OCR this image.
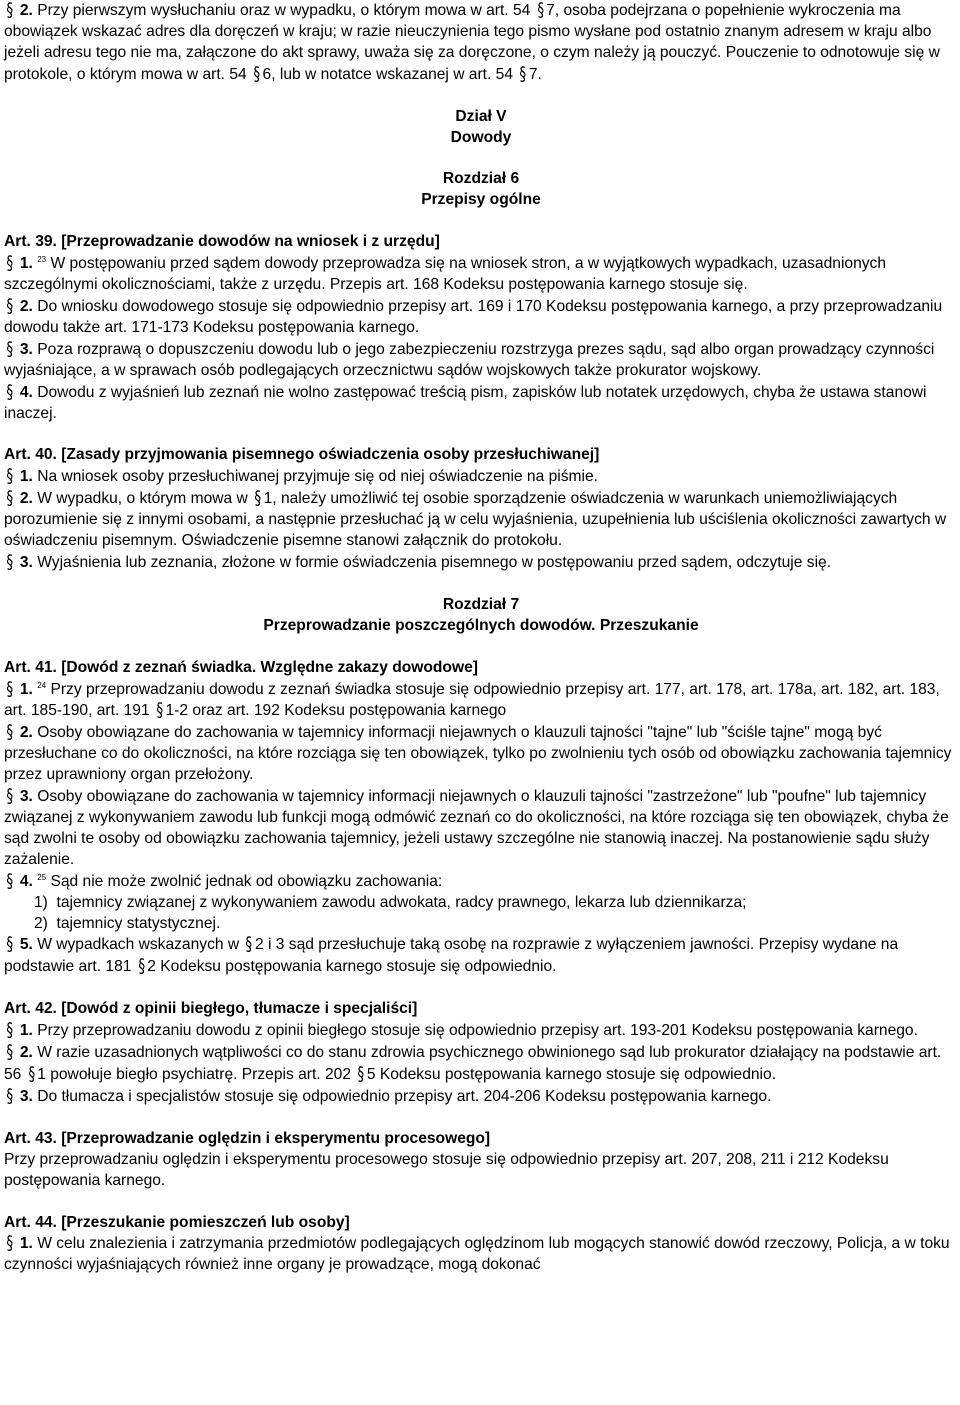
§ 2. Przy pierwszym wysłuchaniu oraz w wypadku, o którym mowa w art. 54 § 7, osoba podejrzana o popełnienie wykroczenia ma obowiązek wskazać adres dla doręczeń w kraju; w razie nieuczynienia tego pismo wysłane pod ostatnio znanym adresem w kraju albo jeżeli adresu tego nie ma, załączone do akt sprawy, uważa się za doręczone, o czym należy ją pouczyć. Pouczenie to odnotowuje się w protokole, o którym mowa w art. 54 § 6, lub w notatce wskazanej w art. 54 § 7.

Dział V
Dowody
Rozdział 6
Przepisy ogólne
Art. 39. [Przeprowadzanie dowodów na wniosek i z urzędu]

§ 1. $^{23}$ W postępowaniu przed sądem dowody przeprowadza się na wniosek stron, a w wyjątkowych wypadkach, uzasadnionych szczególnymi okolicznościami, także z urzędu. Przepis art. 168 Kodeksu postępowania karnego stosuje się.

§ 2. Do wniosku dowodowego stosuje się odpowiednio przepisy art. 169 i 170 Kodeksu postępowania karnego, a przy przeprowadzaniu dowodu także art. 171-173 Kodeksu postępowania karnego.

§ 3. Poza rozprawą o dopuszczeniu dowodu lub o jego zabezpieczeniu rozstrzyga prezes sądu, sąd albo organ prowadzący czynności wyjaśniające, a w sprawach osób podlegających orzecznictwu sądów wojskowych także prokurator wojskowy.

§ 4. Dowodu z wyjaśnień lub zeznań nie wolno zastępować treścią pism, zapisków lub notatek urzędowych, chyba że ustawa stanowi inaczej.

Art. 40. [Zasady przyjmowania pisemnego oświadczenia osoby przesłuchiwanej]

§ 1. Na wniosek osoby przesłuchiwanej przyjmuje się od niej oświadczenie na piśmie.

§ 2. W wypadku, o którym mowa w § 1, należy umożliwić tej osobie sporządzenie oświadczenia w warunkach uniemożliwiających porozumienie się z innymi osobami, a następnie przesłuchać ją w celu wyjaśnienia, uzupełnienia lub uściślenia okoliczności zawartych w oświadczeniu pisemnym. Oświadczenie pisemne stanowi załącznik do protokołu.

§ 3. Wyjaśnienia lub zeznania, złożone w formie oświadczenia pisemnego w postępowaniu przed sądem, odczytuje się.

Rozdział 7
Przeprowadzanie poszczególnych dowodów. Przeszukanie
Art. 41. [Dowód z zeznań świadka. Względne zakazy dowodowe]

§ 1. $^{24}$ Przy przeprowadzaniu dowodu z zeznań świadka stosuje się odpowiednio przepisy art. 177, art. 178, art. 178a, art. 182, art. 183, art. 185-190, art. 191 § 1-2 oraz art. 192 Kodeksu postępowania karnego

§ 2. Osoby obowiązane do zachowania w tajemnicy informacji niejawnych o klauzuli tajności "tajne" lub "ściśle tajne" mogą być przesłuchane co do okoliczności, na które rozciąga się ten obowiązek, tylko po zwolnieniu tych osób od obowiązku zachowania tajemnicy przez uprawniony organ przełożony.

§ 3. Osoby obowiązane do zachowania w tajemnicy informacji niejawnych o klauzuli tajności "zastrzeżone" lub "poufne" lub tajemnicy związanej z wykonywaniem zawodu lub funkcji mogą odmówić zeznań co do okoliczności, na które rozciąga się ten obowiązek, chyba że sąd zwolni te osoby od obowiązku zachowania tajemnicy, jeżeli ustawy szczególne nie stanowią inaczej. Na postanowienie sądu służy zażalenie.

§ 4. $^{25}$ Sąd nie może zwolnić jednak od obowiązku zachowania:

1)  tajemnicy związanej z wykonywaniem zawodu adwokata, radcy prawnego, lekarza lub dziennikarza;
2)  tajemnicy statystycznej.

§ 5. W wypadkach wskazanych w § 2 i 3 sąd przesłuchuje taką osobę na rozprawie z wyłączeniem jawności. Przepisy wydane na podstawie art. 181 § 2 Kodeksu postępowania karnego stosuje się odpowiednio.

Art. 42. [Dowód z opinii biegłego, tłumacze i specjaliści]

§ 1. Przy przeprowadzaniu dowodu z opinii biegłego stosuje się odpowiednio przepisy art. 193-201 Kodeksu postępowania karnego.

§ 2. W razie uzasadnionych wątpliwości co do stanu zdrowia psychicznego obwinionego sąd lub prokurator działający na podstawie art. 56 § 1 powołuje biegło psychiatrę. Przepis art. 202 § 5 Kodeksu postępowania karnego stosuje się odpowiednio.

§ 3. Do tłumacza i specjalistów stosuje się odpowiednio przepisy art. 204-206 Kodeksu postępowania karnego.

Art. 43. [Przeprowadzanie oględzin i eksperymentu procesowego]

Przy przeprowadzaniu oględzin i eksperymentu procesowego stosuje się odpowiednio przepisy art. 207, 208, 211 i 212 Kodeksu postępowania karnego.

Art. 44. [Przeszukanie pomieszczeń lub osoby]

§ 1. W celu znalezienia i zatrzymania przedmiotów podlegających oględzinom lub mogących stanowić dowód rzeczowy, Policja, a w toku czynności wyjaśniających również inne organy je prowadzące, mogą dokonać
